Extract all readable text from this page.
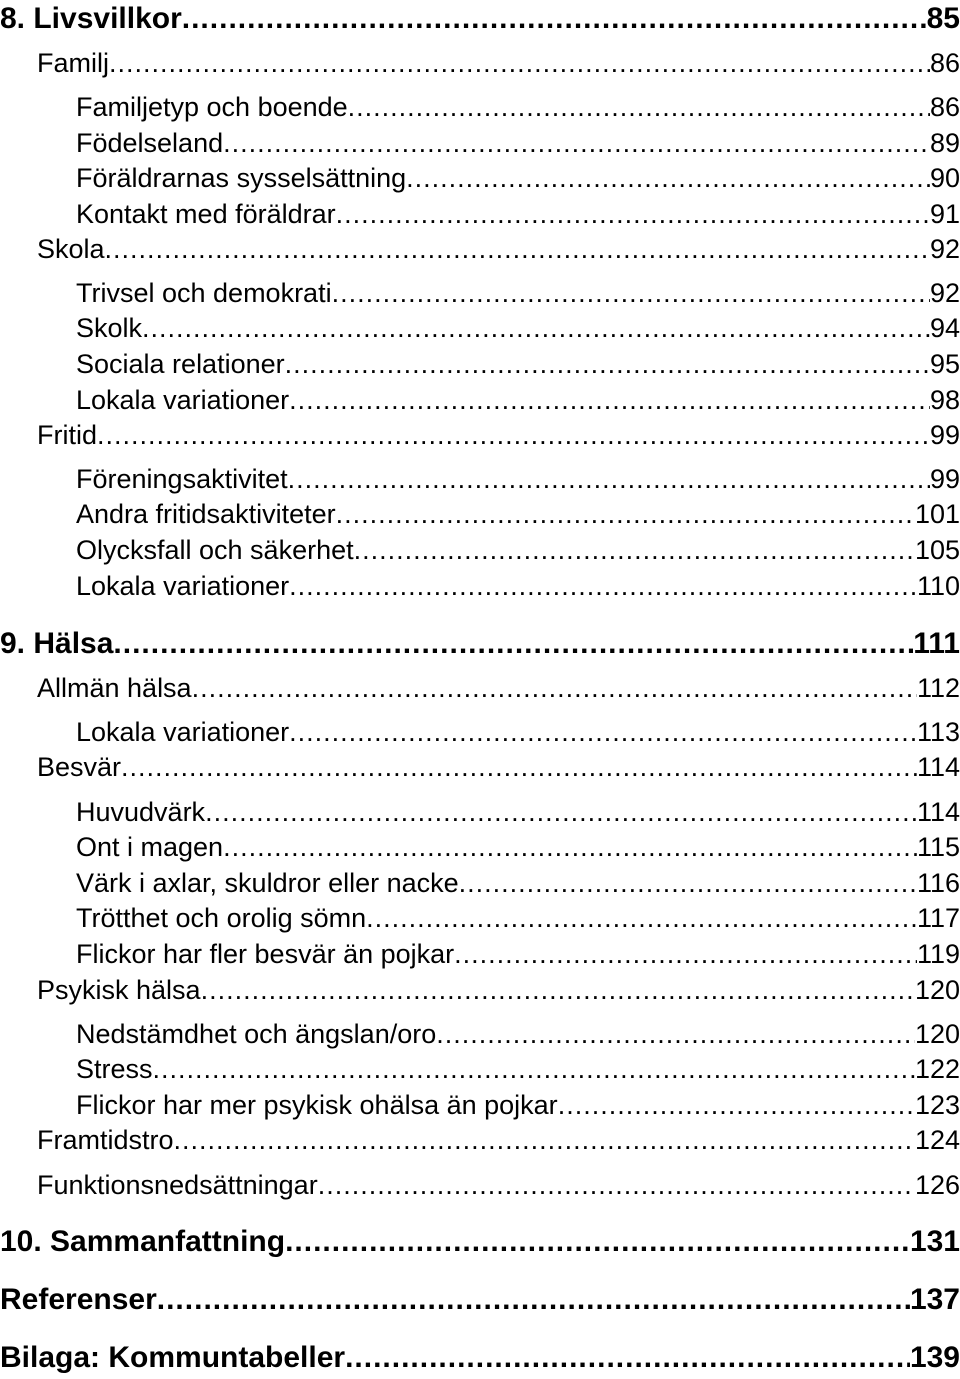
8. Livsvillkor .....	85
Familj .....	86
Familjetyp och boende .....	86
Födelseland .....	89
Föräldrarnas sysselsättning .....	90
Kontakt med föräldrar .....	91
Skola .....	92
Trivsel och demokrati .....	92
Skolk .....	94
Sociala relationer .....	95
Lokala variationer .....	98
Fritid .....	99
Föreningsaktivitet .....	99
Andra fritidsaktiviteter .....	101
Olycksfall och säkerhet .....	105
Lokala variationer .....	110
9. Hälsa .....	111
Allmän hälsa .....	112
Lokala variationer .....	113
Besvär .....	114
Huvudvärk .....	114
Ont i magen .....	115
Värk i axlar, skuldror eller nacke .....	116
Trötthet och orolig sömn .....	117
Flickor har fler besvär än pojkar .....	119
Psykisk hälsa .....	120
Nedstämdhet och ängslan/oro .....	120
Stress .....	122
Flickor har mer psykisk ohälsa än pojkar .....	123
Framtidstro .....	124
Funktionsnedsättningar .....	126
10. Sammanfattning .....	131
Referenser .....	137
Bilaga: Kommuntabeller .....	139
